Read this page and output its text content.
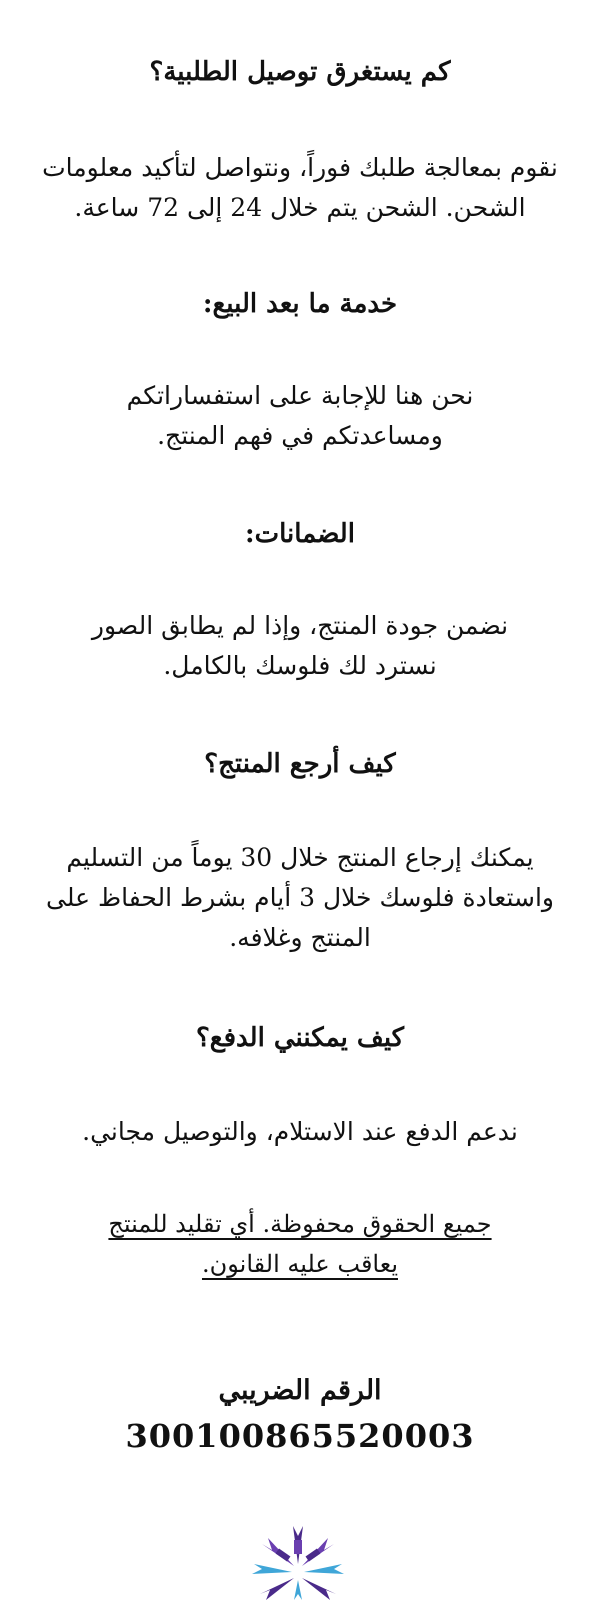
كم يستغرق توصيل الطلبية؟
نقوم بمعالجة طلبك فوراً، ونتواصل لتأكيد معلومات الشحن. الشحن يتم خلال 24 إلى 72 ساعة.
خدمة ما بعد البيع:
نحن هنا للإجابة على استفساراتكم
ومساعدتكم في فهم المنتج.
الضمانات:
نضمن جودة المنتج، وإذا لم يطابق الصور
نسترد لك فلوسك بالكامل.
كيف أرجع المنتج؟
يمكنك إرجاع المنتج خلال 30 يوماً من التسليم
واستعادة فلوسك خلال 3 أيام بشرط الحفاظ على
المنتج وغلافه.
كيف يمكنني الدفع؟
ندعم الدفع عند الاستلام، والتوصيل مجاني.
جميع الحقوق محفوظة. أي تقليد للمنتج
يعاقب عليه القانون.
الرقم الضريبي
300100865520003
